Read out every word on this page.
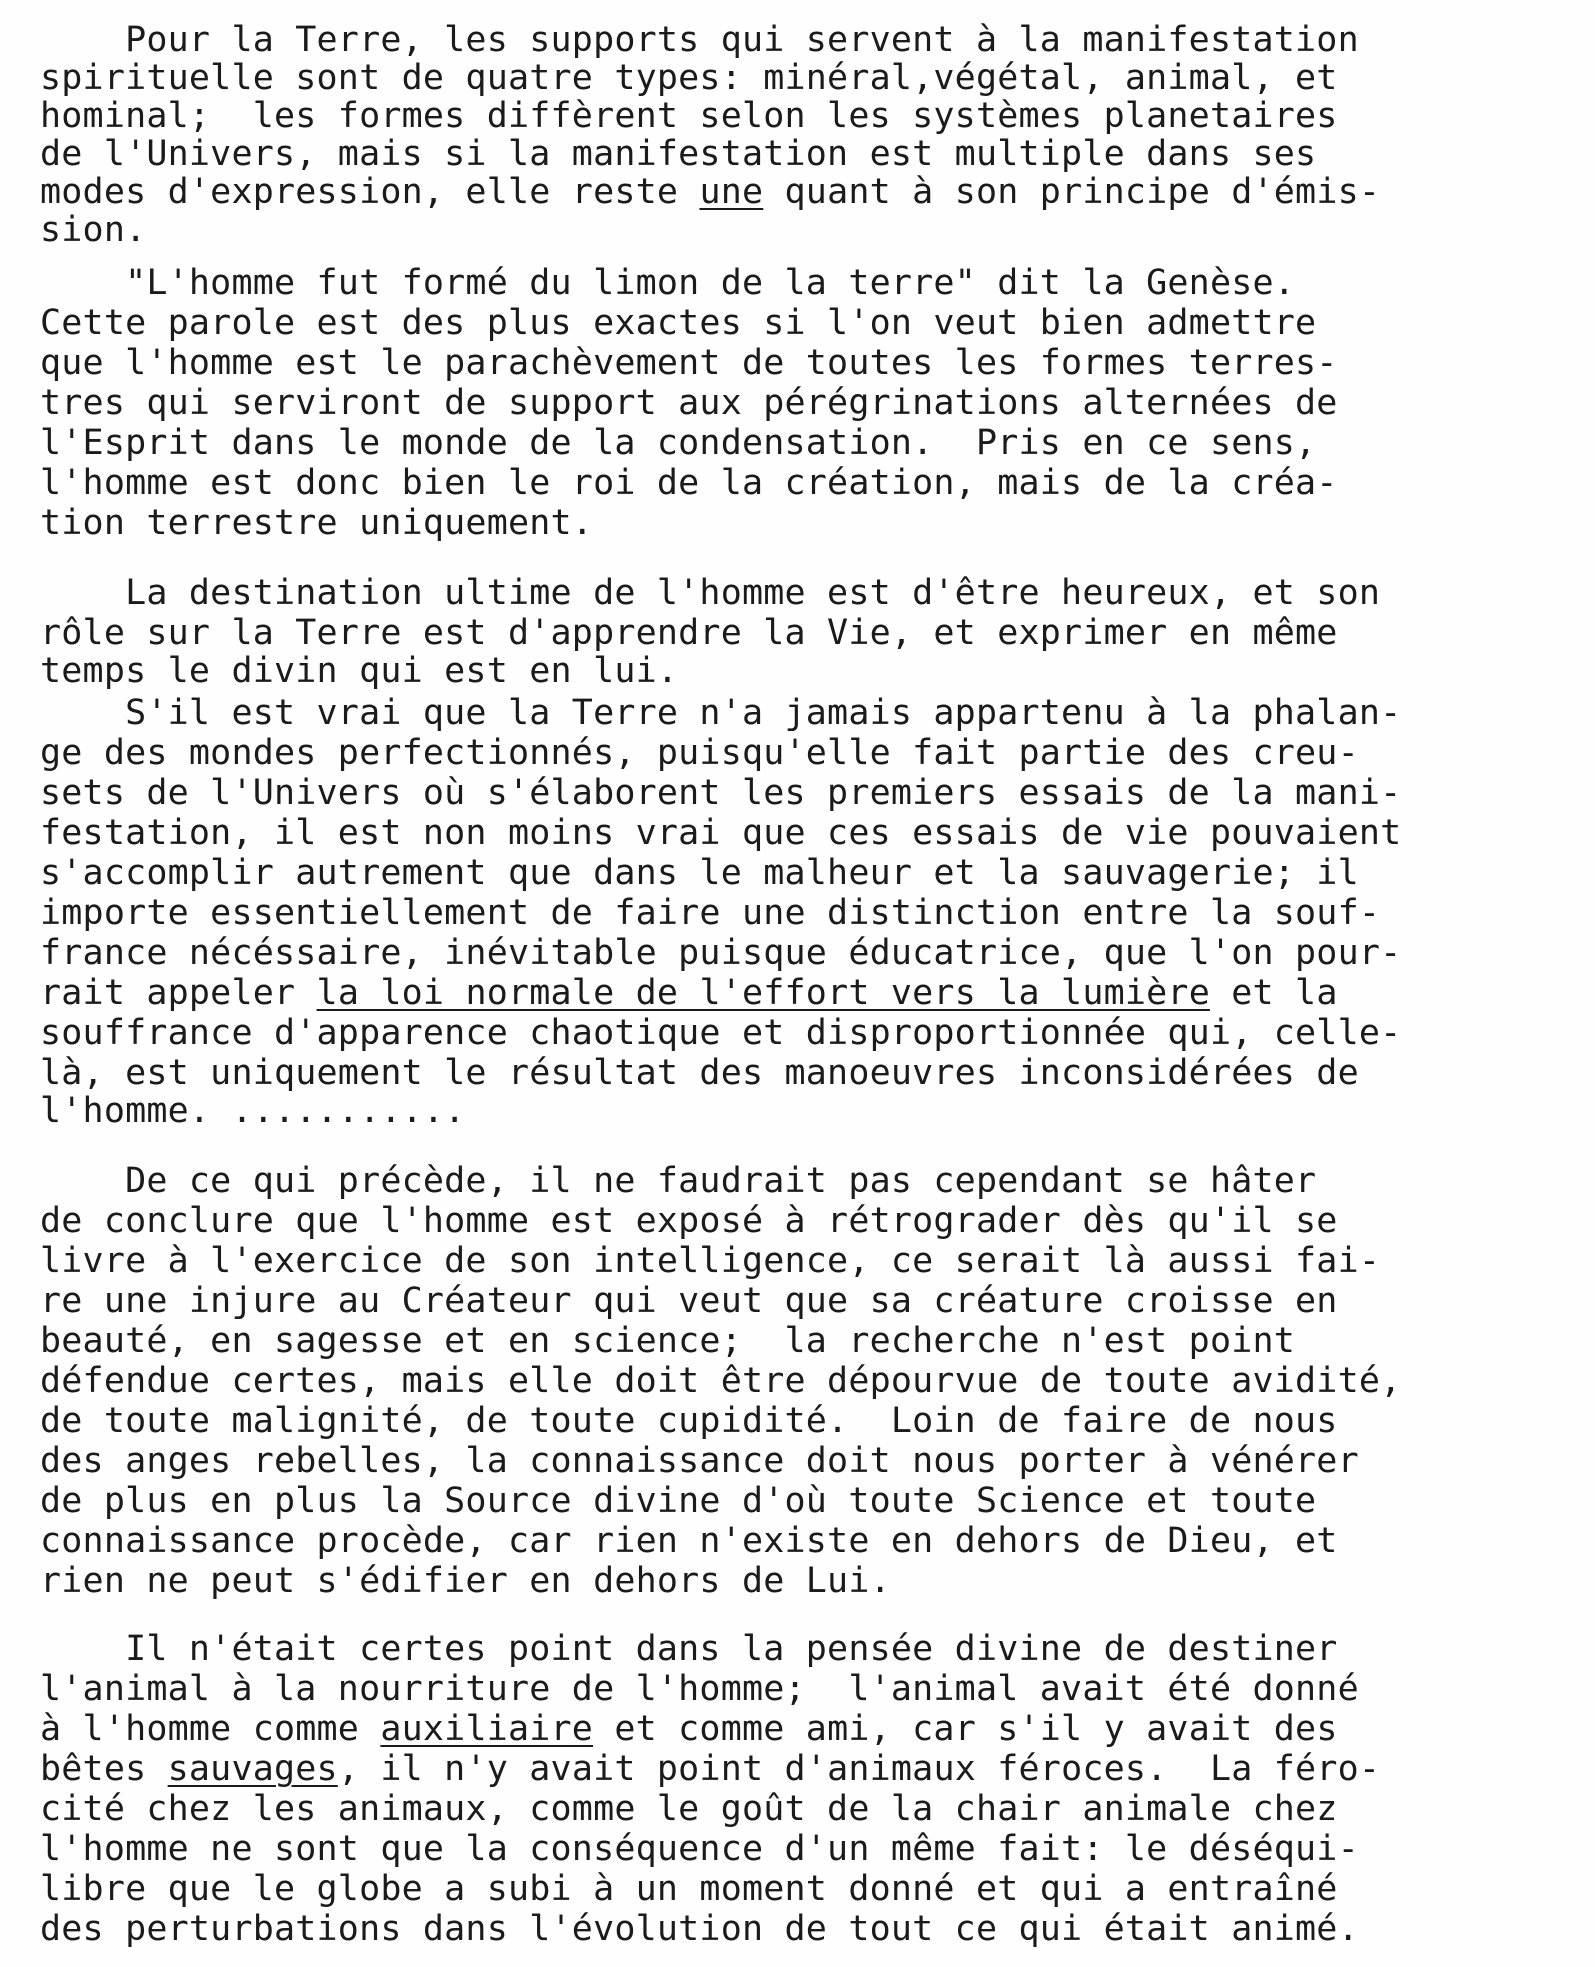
Pour la Terre, les supports qui servent à la manifestation
spirituelle sont de quatre types: minéral,végétal, animal, et
hominal;  les formes diffèrent selon les systèmes planetaires
de l'Univers, mais si la manifestation est multiple dans ses
modes d'expression, elle reste une quant à son principe d'émis-
sion.
"L'homme fut formé du limon de la terre" dit la Genèse.
Cette parole est des plus exactes si l'on veut bien admettre
que l'homme est le parachèvement de toutes les formes terres-
tres qui serviront de support aux pérégrinations alternées de
l'Esprit dans le monde de la condensation.  Pris en ce sens,
l'homme est donc bien le roi de la création, mais de la créa-
tion terrestre uniquement.
La destination ultime de l'homme est d'être heureux, et son
rôle sur la Terre est d'apprendre la Vie, et exprimer en même
temps le divin qui est en lui.
S'il est vrai que la Terre n'a jamais appartenu à la phalan-
ge des mondes perfectionnés, puisqu'elle fait partie des creu-
sets de l'Univers où s'élaborent les premiers essais de la mani-
festation, il est non moins vrai que ces essais de vie pouvaient
s'accomplir autrement que dans le malheur et la sauvagerie; il
importe essentiellement de faire une distinction entre la souf-
france nécéssaire, inévitable puisque éducatrice, que l'on pour-
rait appeler la loi normale de l'effort vers la lumière et la
souffrance d'apparence chaotique et disproportionnée qui, celle-
là, est uniquement le résultat des manoeuvres inconsidérées de
l'homme. ...........
De ce qui précède, il ne faudrait pas cependant se hâter
de conclure que l'homme est exposé à rétrograder dès qu'il se
livre à l'exercice de son intelligence, ce serait là aussi fai-
re une injure au Créateur qui veut que sa créature croisse en
beauté, en sagesse et en science;  la recherche n'est point
défendue certes, mais elle doit être dépourvue de toute avidité,
de toute malignité, de toute cupidité.  Loin de faire de nous
des anges rebelles, la connaissance doit nous porter à vénérer
de plus en plus la Source divine d'où toute Science et toute
connaissance procède, car rien n'existe en dehors de Dieu, et
rien ne peut s'édifier en dehors de Lui.
Il n'était certes point dans la pensée divine de destiner
l'animal à la nourriture de l'homme;  l'animal avait été donné
à l'homme comme auxiliaire et comme ami, car s'il y avait des
bêtes sauvages, il n'y avait point d'animaux féroces.  La féro-
cité chez les animaux, comme le goût de la chair animale chez
l'homme ne sont que la conséquence d'un même fait: le déséqui-
libre que le globe a subi à un moment donné et qui a entraîné
des perturbations dans l'évolution de tout ce qui était animé.
